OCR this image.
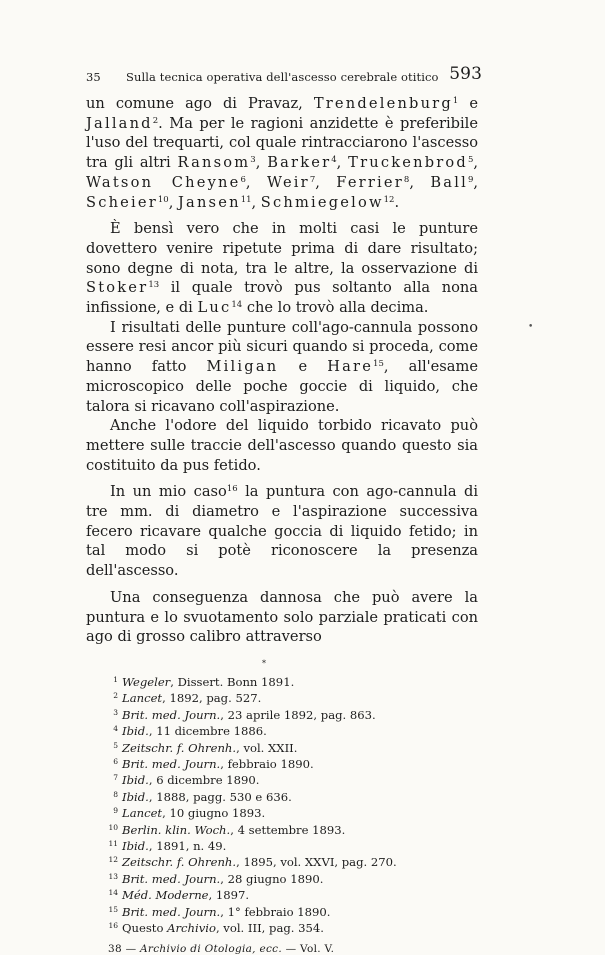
35 Sulla tecnica operativa dell'ascesso cerebrale otitico 593

un comune ago di Pravaz, Trendelenburg$^1$ e Jalland$^2$. Ma per le ragioni anzidette è preferibile l'uso del trequarti, col quale rintracciarono l'ascesso tra gli altri Ransom$^3$, Barker$^4$, Truckenbrod$^5$, Watson Cheyne$^6$, Weir$^7$, Ferrier$^8$, Ball$^9$, Scheier$^{10}$, Jansen$^{11}$, Schmiegelow$^{12}$.

È bensì vero che in molti casi le punture dovettero venire ripetute prima di dare risultato; sono degne di nota, tra le altre, la osservazione di Stoker$^{13}$ il quale trovò pus soltanto alla nona infissione, e di Luc$^{14}$ che lo trovò alla decima.

I risultati delle punture coll'ago-cannula possono essere resi ancor più sicuri quando si proceda, come hanno fatto Miligan e Hare$^{15}$, all'esame microscopico delle poche goccie di liquido, che talora si ricavano coll'aspirazione.

Anche l'odore del liquido torbido ricavato può mettere sulle traccie dell'ascesso quando questo sia costituito da pus fetido.

In un mio caso$^{16}$ la puntura con ago-cannula di tre mm. di diametro e l'aspirazione successiva fecero ricavare qualche goccia di liquido fetido; in tal modo si potè riconoscere la presenza dell'ascesso.

Una conseguenza dannosa che può avere la puntura e lo svuotamento solo parziale praticati con ago di grosso calibro attraverso

*
1 Wegeler, Dissert. Bonn 1891.
2 Lancet, 1892, pag. 527.
3 Brit. med. Journ., 23 aprile 1892, pag. 863.
4 Ibid., 11 dicembre 1886.
5 Zeitschr. f. Ohrenh., vol. XXII.
6 Brit. med. Journ., febbraio 1890.
7 Ibid., 6 dicembre 1890.
8 Ibid., 1888, pagg. 530 e 636.
9 Lancet, 10 giugno 1893.
10 Berlin. klin. Woch., 4 settembre 1893.
11 Ibid., 1891, n. 49.
12 Zeitschr. f. Ohrenh., 1895, vol. XXVI, pag. 270.
13 Brit. med. Journ., 28 giugno 1890.
14 Méd. Moderne, 1897.
15 Brit. med. Journ., 1° febbraio 1890.
16 Questo Archivio, vol. III, pag. 354.
38 — Archivio di Otologia, ecc. — Vol. V.
•
